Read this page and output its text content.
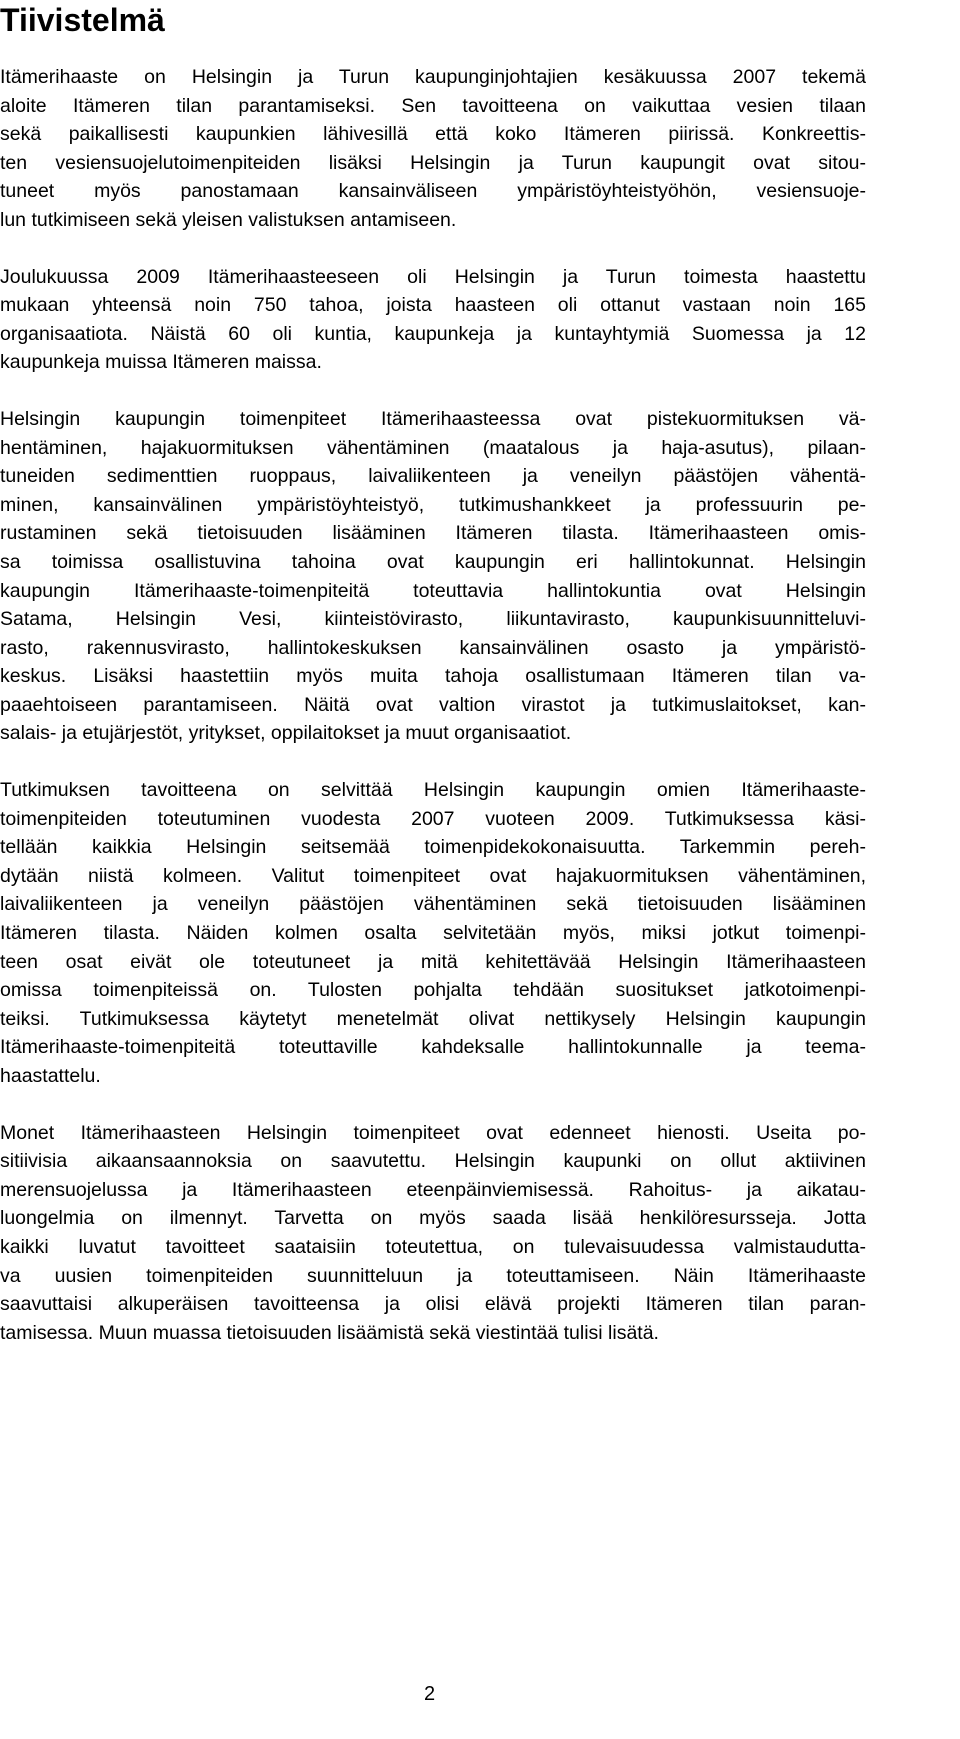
Tiivistelmä

Itämerihaaste on Helsingin ja Turun kaupunginjohtajien kesäkuussa 2007 tekemä
aloite Itämeren tilan parantamiseksi. Sen tavoitteena on vaikuttaa vesien tilaan
sekä paikallisesti kaupunkien lähivesillä että koko Itämeren piirissä. Konkreettis-
ten vesiensuojelutoimenpiteiden lisäksi Helsingin ja Turun kaupungit ovat sitou-
tuneet myös panostamaan kansainväliseen ympäristöyhteistyöhön, vesiensuoje-
lun tutkimiseen sekä yleisen valistuksen antamiseen.

Joulukuussa 2009 Itämerihaasteeseen oli Helsingin ja Turun toimesta haastettu
mukaan yhteensä noin 750 tahoa, joista haasteen oli ottanut vastaan noin 165
organisaatiota. Näistä 60 oli kuntia, kaupunkeja ja kuntayhtymiä Suomessa ja 12
kaupunkeja muissa Itämeren maissa.

Helsingin kaupungin toimenpiteet Itämerihaasteessa ovat pistekuormituksen vä-
hentäminen, hajakuormituksen vähentäminen (maatalous ja haja-asutus), pilaan-
tuneiden sedimenttien ruoppaus, laivaliikenteen ja veneilyn päästöjen vähentä-
minen, kansainvälinen ympäristöyhteistyö, tutkimushankkeet ja professuurin pe-
rustaminen sekä tietoisuuden lisääminen Itämeren tilasta. Itämerihaasteen omis-
sa toimissa osallistuvina tahoina ovat kaupungin eri hallintokunnat. Helsingin
kaupungin Itämerihaaste-toimenpiteitä toteuttavia hallintokuntia ovat Helsingin
Satama, Helsingin Vesi, kiinteistövirasto, liikuntavirasto, kaupunkisuunnitteluvi-
rasto, rakennusvirasto, hallintokeskuksen kansainvälinen osasto ja ympäristö-
keskus. Lisäksi haastettiin myös muita tahoja osallistumaan Itämeren tilan va-
paaehtoiseen parantamiseen. Näitä ovat valtion virastot ja tutkimuslaitokset, kan-
salais- ja etujärjestöt, yritykset, oppilaitokset ja muut organisaatiot.

Tutkimuksen tavoitteena on selvittää Helsingin kaupungin omien Itämerihaaste-
toimenpiteiden toteutuminen vuodesta 2007 vuoteen 2009. Tutkimuksessa käsi-
tellään kaikkia Helsingin seitsemää toimenpidekokonaisuutta. Tarkemmin pereh-
dytään niistä kolmeen. Valitut toimenpiteet ovat hajakuormituksen vähentäminen,
laivaliikenteen ja veneilyn päästöjen vähentäminen sekä tietoisuuden lisääminen
Itämeren tilasta. Näiden kolmen osalta selvitetään myös, miksi jotkut toimenpi-
teen osat eivät ole toteutuneet ja mitä kehitettävää Helsingin Itämerihaasteen
omissa toimenpiteissä on. Tulosten pohjalta tehdään suositukset jatkotoimenpi-
teiksi. Tutkimuksessa käytetyt menetelmät olivat nettikysely Helsingin kaupungin
Itämerihaaste-toimenpiteitä toteuttaville kahdeksalle hallintokunnalle ja teema-
haastattelu.

Monet Itämerihaasteen Helsingin toimenpiteet ovat edenneet hienosti. Useita po-
sitiivisia aikaansaannoksia on saavutettu. Helsingin kaupunki on ollut aktiivinen
merensuojelussa ja Itämerihaasteen eteenpäinviemisessä. Rahoitus- ja aikatau-
luongelmia on ilmennyt. Tarvetta on myös saada lisää henkilöresursseja. Jotta
kaikki luvatut tavoitteet saataisiin toteutettua, on tulevaisuudessa valmistaudutta-
va uusien toimenpiteiden suunnitteluun ja toteuttamiseen. Näin Itämerihaaste
saavuttaisi alkuperäisen tavoitteensa ja olisi elävä projekti Itämeren tilan paran-
tamisessa. Muun muassa tietoisuuden lisäämistä sekä viestintää tulisi lisätä.

2
